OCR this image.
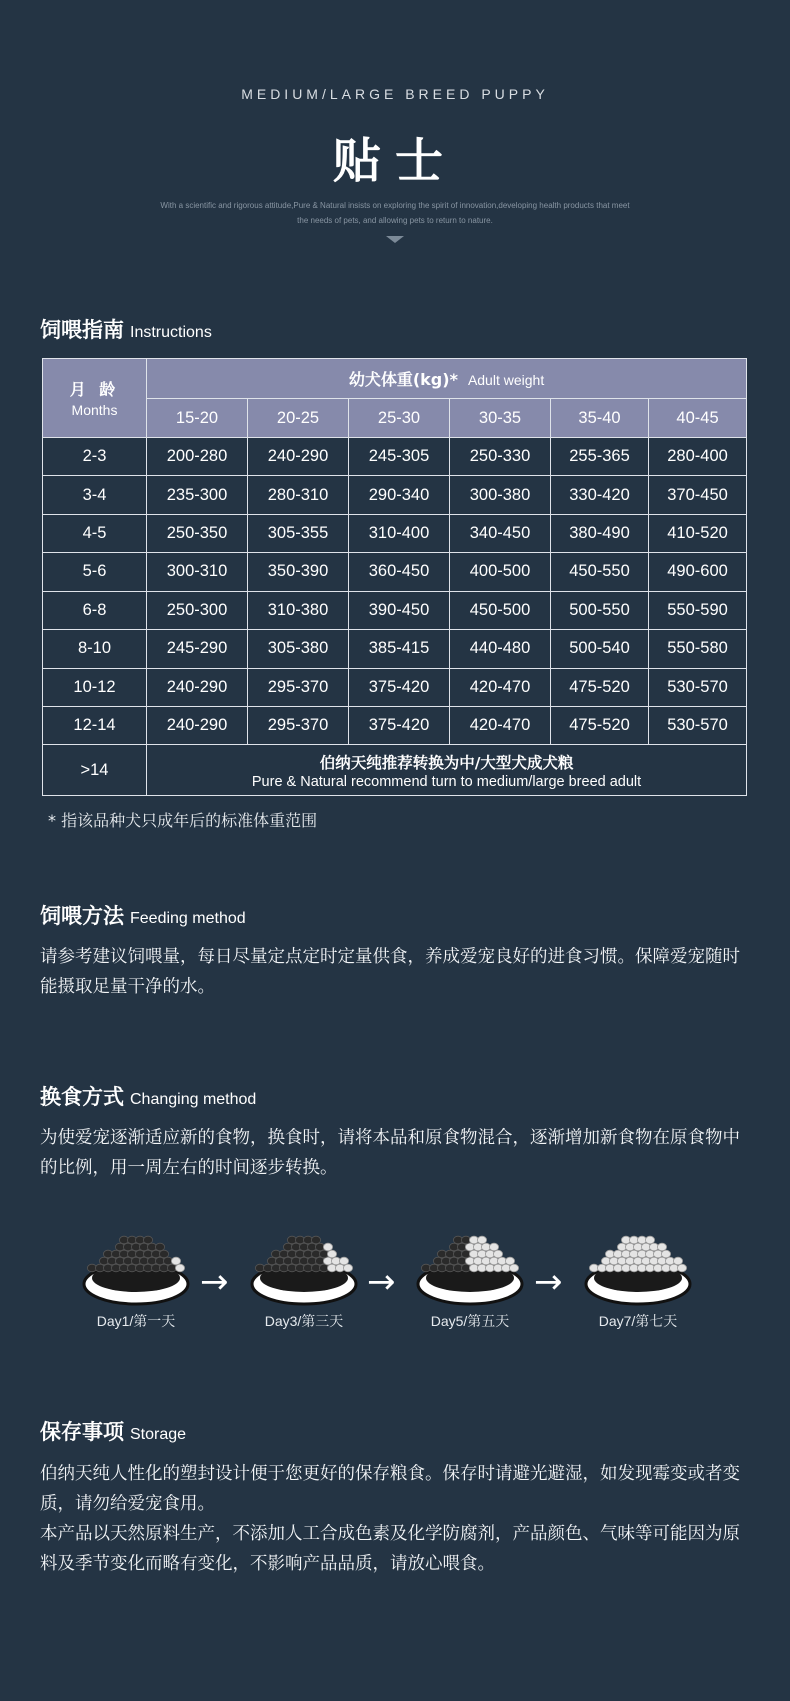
MEDIUM/LARGE BREED PUPPY
贴士
With a scientific and rigorous attitude,Pure & Natural insists on exploring the spirit of innovation,developing health products that meet the needs of pets, and allowing pets to return to nature.
饲喂指南 Instructions
月 龄
Months	幼犬体重(kg)* Adult weight					
	15-20	20-25	25-30	30-35	35-40	40-45
2-3	200-280	240-290	245-305	250-330	255-365	280-400
3-4	235-300	280-310	290-340	300-380	330-420	370-450
4-5	250-350	305-355	310-400	340-450	380-490	410-520
5-6	300-310	350-390	360-450	400-500	450-550	490-600
6-8	250-300	310-380	390-450	450-500	500-550	550-590
8-10	245-290	305-380	385-415	440-480	500-540	550-580
10-12	240-290	295-370	375-420	420-470	475-520	530-570
12-14	240-290	295-370	375-420	420-470	475-520	530-570
>14	伯纳天纯推荐转换为中/大型犬成犬粮
Pure & Natural recommend turn to medium/large breed adult					
* 指该品种犬只成年后的标准体重范围
饲喂方法 Feeding method
请参考建议饲喂量，每日尽量定点定时定量供食，养成爱宠良好的进食习惯。保障爱宠随时能摄取足量干净的水。
换食方式 Changing method
为使爱宠逐渐适应新的食物，换食时，请将本品和原食物混合，逐渐增加新食物在原食物中的比例，用一周左右的时间逐步转换。
Day1/第一天
→
Day3/第三天
→
Day5/第五天
→
Day7/第七天
保存事项 Storage
伯纳天纯人性化的塑封设计便于您更好的保存粮食。保存时请避光避湿，如发现霉变或者变质，请勿给爱宠食用。
本产品以天然原料生产，不添加人工合成色素及化学防腐剂，产品颜色、气味等可能因为原料及季节变化而略有变化，不影响产品品质，请放心喂食。
